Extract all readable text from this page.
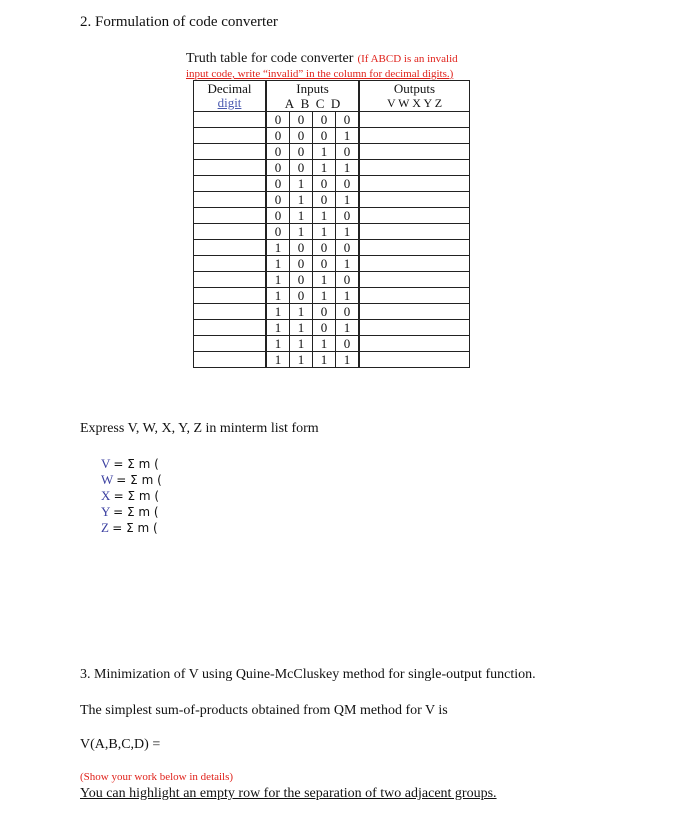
2. Formulation of code converter
Truth table for code converter (If ABCD is an invalid
input code, write “invalid” in the column for decimal digits.)
Decimal
digit	Inputs				Outputs
	A B C D				V W X Y Z
	0	0	0	0	
	0	0	0	1	
	0	0	1	0	
	0	0	1	1	
	0	1	0	0	
	0	1	0	1	
	0	1	1	0	
	0	1	1	1	
	1	0	0	0	
	1	0	0	1	
	1	0	1	0	
	1	0	1	1	
	1	1	0	0	
	1	1	0	1	
	1	1	1	0	
	1	1	1	1	
Express V, W, X, Y, Z in minterm list form
V = Σ m (
W = Σ m (
X = Σ m (
Y = Σ m (
Z = Σ m (
3. Minimization of V using Quine-McCluskey method for single-output function.
The simplest sum-of-products obtained from QM method for V is
V(A,B,C,D) =
(Show your work below in details)
You can highlight an empty row for the separation of two adjacent groups.
